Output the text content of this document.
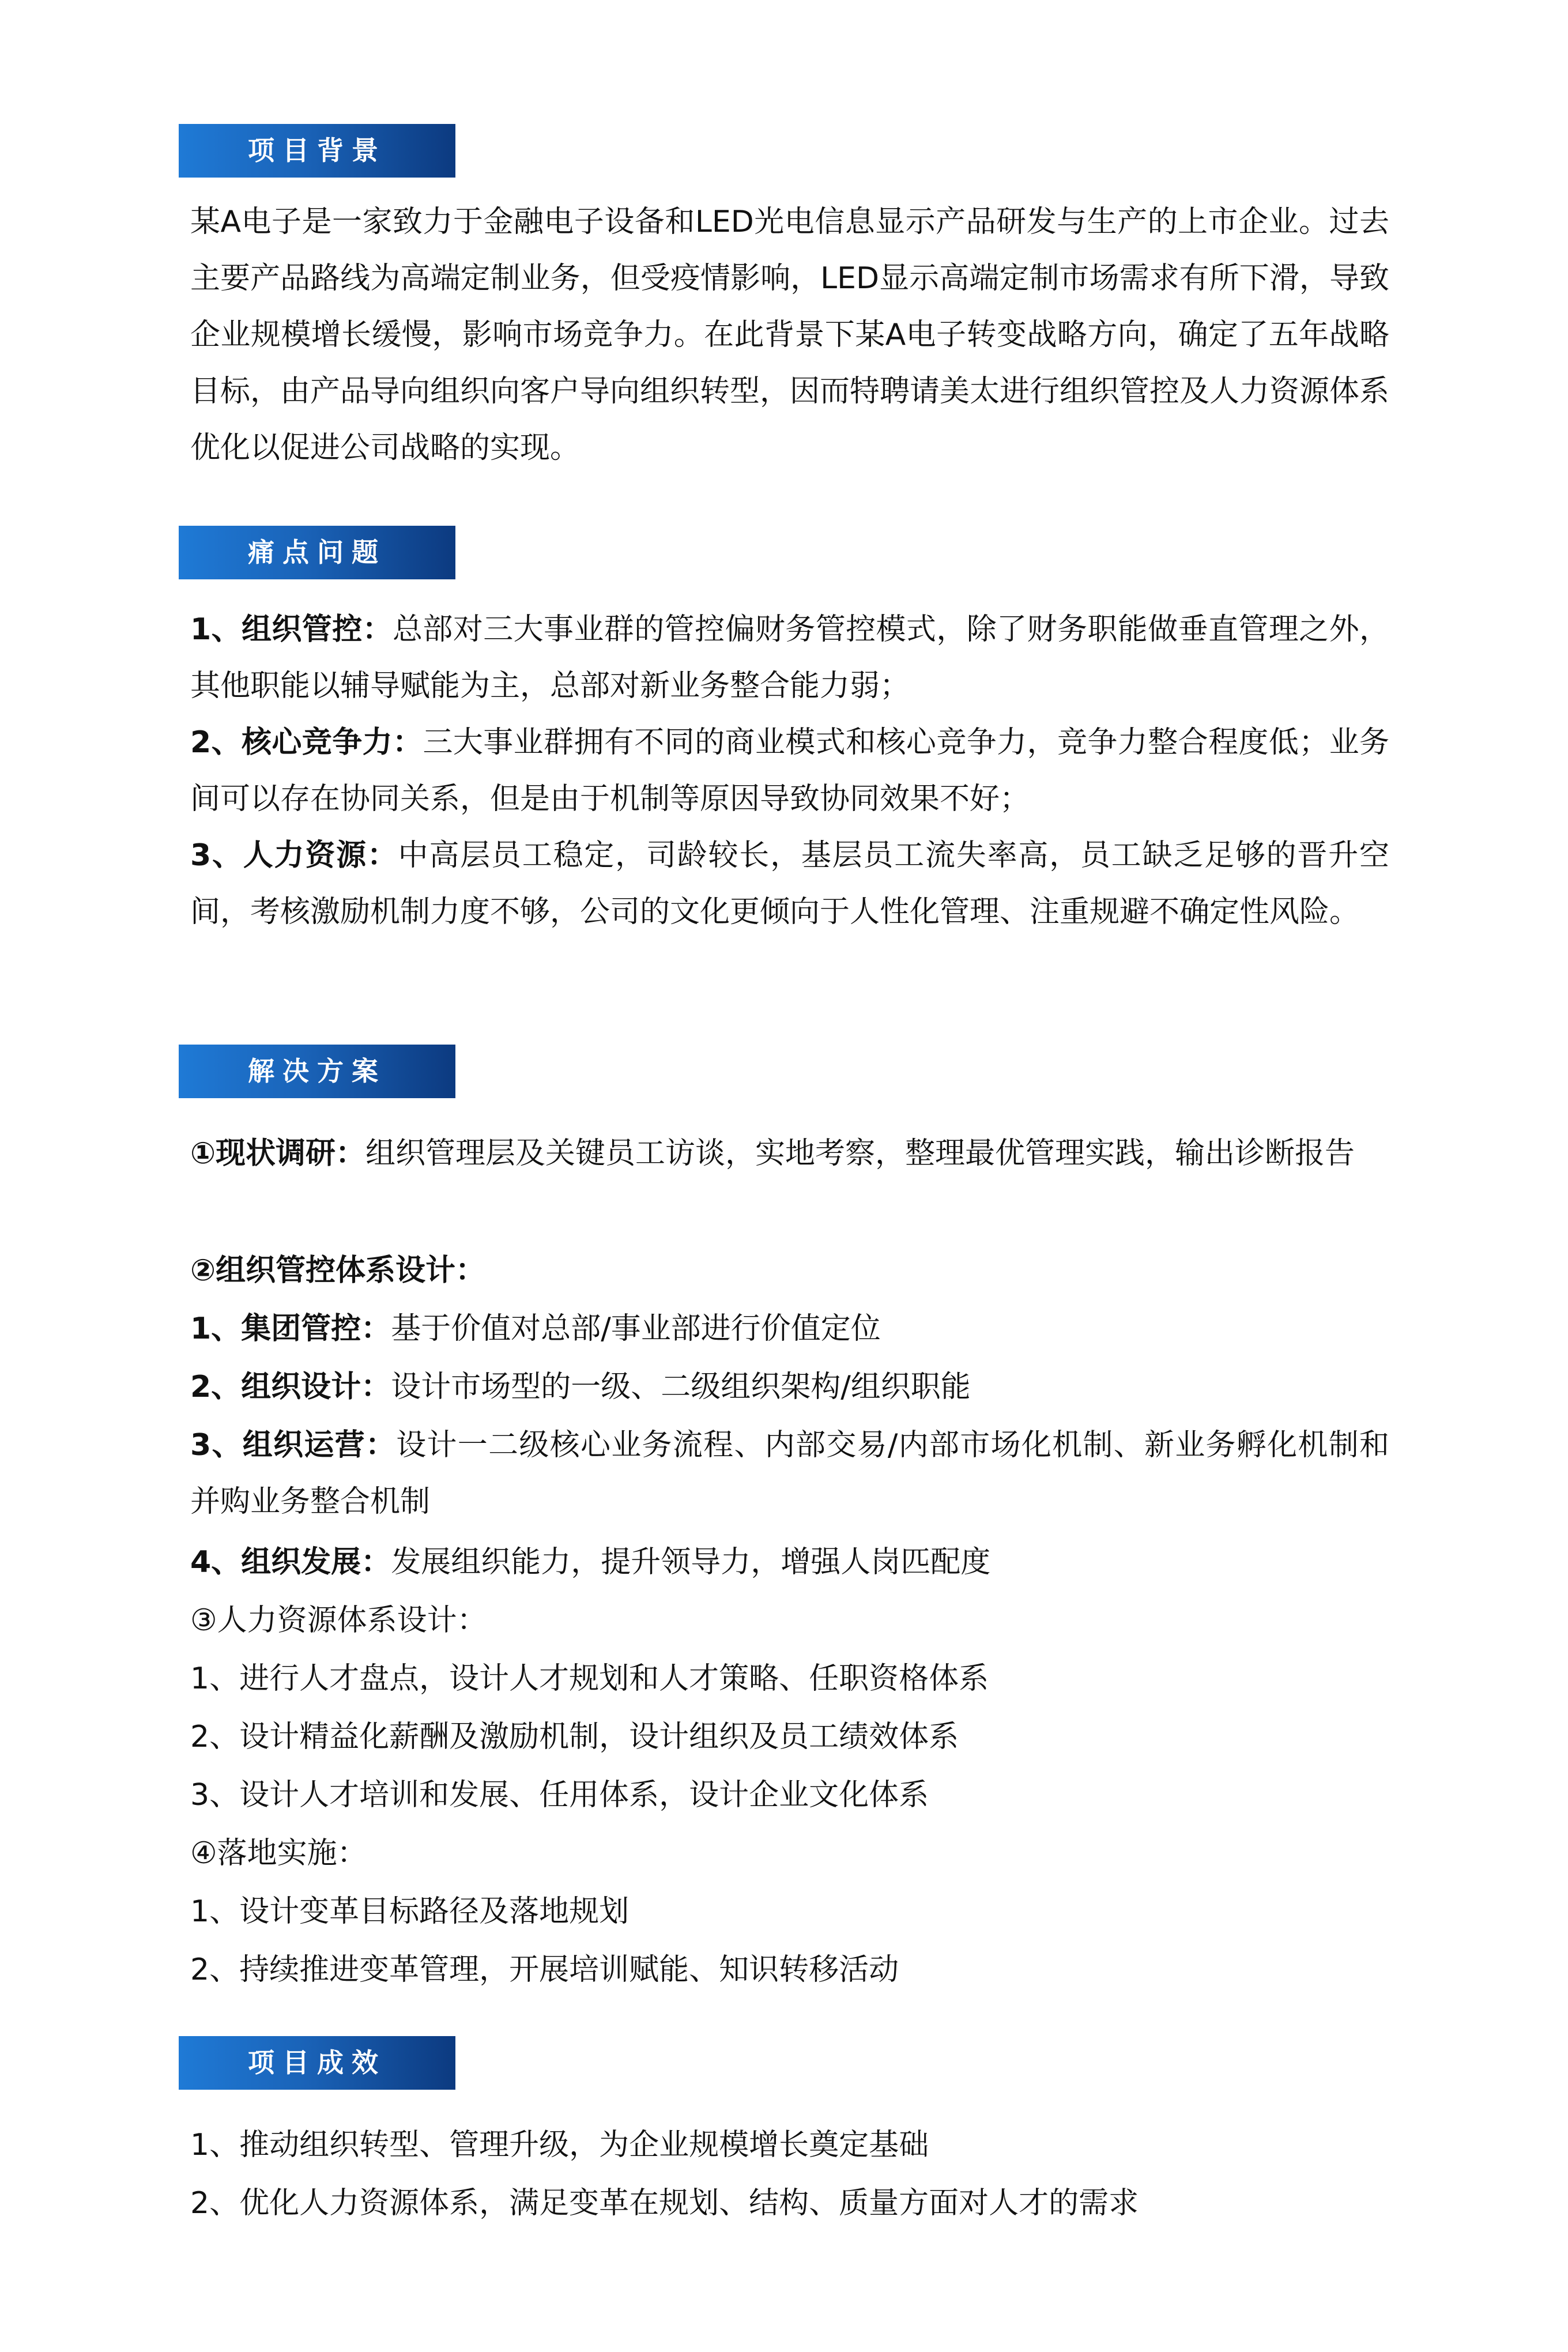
项目背景

某A电子是一家致力于金融电子设备和LED光电信息显示产品研发与生产的上市企业。过去主要产品路线为高端定制业务，但受疫情影响，LED显示高端定制市场需求有所下滑，导致企业规模增长缓慢，影响市场竞争力。在此背景下某A电子转变战略方向，确定了五年战略目标，由产品导向组织向客户导向组织转型，因而特聘请美太进行组织管控及人力资源体系优化以促进公司战略的实现。

痛点问题

1、组织管控：总部对三大事业群的管控偏财务管控模式，除了财务职能做垂直管理之外，其他职能以辅导赋能为主，总部对新业务整合能力弱；

2、核心竞争力：三大事业群拥有不同的商业模式和核心竞争力，竞争力整合程度低；业务间可以存在协同关系，但是由于机制等原因导致协同效果不好；

3、人力资源：中高层员工稳定，司龄较长，基层员工流失率高，员工缺乏足够的晋升空间，考核激励机制力度不够，公司的文化更倾向于人性化管理、注重规避不确定性风险。

解决方案

①现状调研：组织管理层及关键员工访谈，实地考察，整理最优管理实践，输出诊断报告

②组织管控体系设计：

1、集团管控：基于价值对总部/事业部进行价值定位

2、组织设计：设计市场型的一级、二级组织架构/组织职能

3、组织运营：设计一二级核心业务流程、内部交易/内部市场化机制、新业务孵化机制和并购业务整合机制

4、组织发展：发展组织能力，提升领导力，增强人岗匹配度

③人力资源体系设计：

1、进行人才盘点，设计人才规划和人才策略、任职资格体系

2、设计精益化薪酬及激励机制，设计组织及员工绩效体系

3、设计人才培训和发展、任用体系，设计企业文化体系

④落地实施：

1、设计变革目标路径及落地规划

2、持续推进变革管理，开展培训赋能、知识转移活动

项目成效

1、推动组织转型、管理升级，为企业规模增长奠定基础

2、优化人力资源体系，满足变革在规划、结构、质量方面对人才的需求
